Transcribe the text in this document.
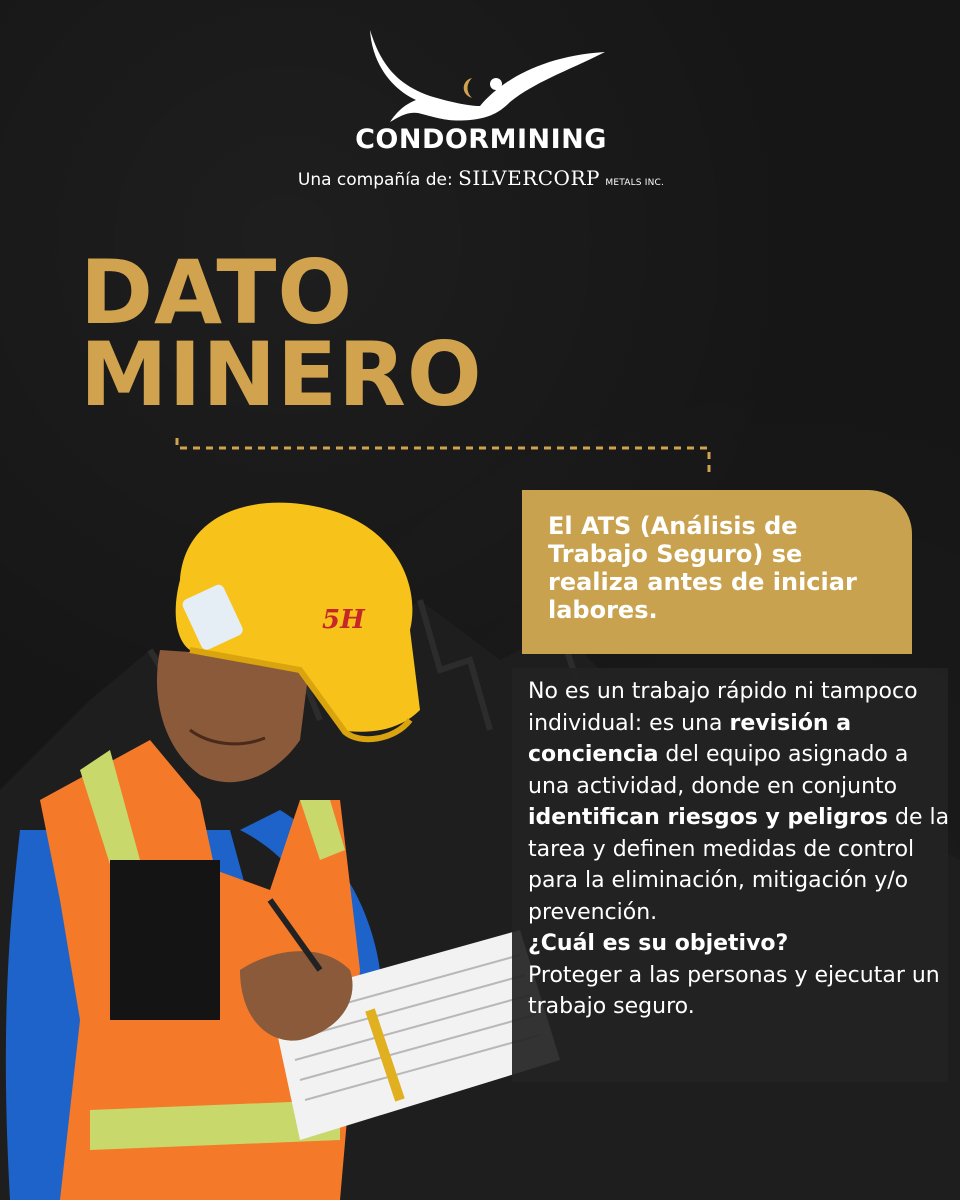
CONDORMINING
Una compañía de: SILVERCORP METALS INC.
DATO
MINERO
5H

El ATS (Análisis de Trabajo Seguro) se realiza antes de iniciar labores.

No es un trabajo rápido ni tampoco individual: es una revisión a conciencia del equipo asignado a una actividad, donde en conjunto identifican riesgos y peligros de la tarea y definen medidas de control para la eliminación, mitigación y/o prevención.
¿Cuál es su objetivo?
Proteger a las personas y ejecutar un trabajo seguro.
